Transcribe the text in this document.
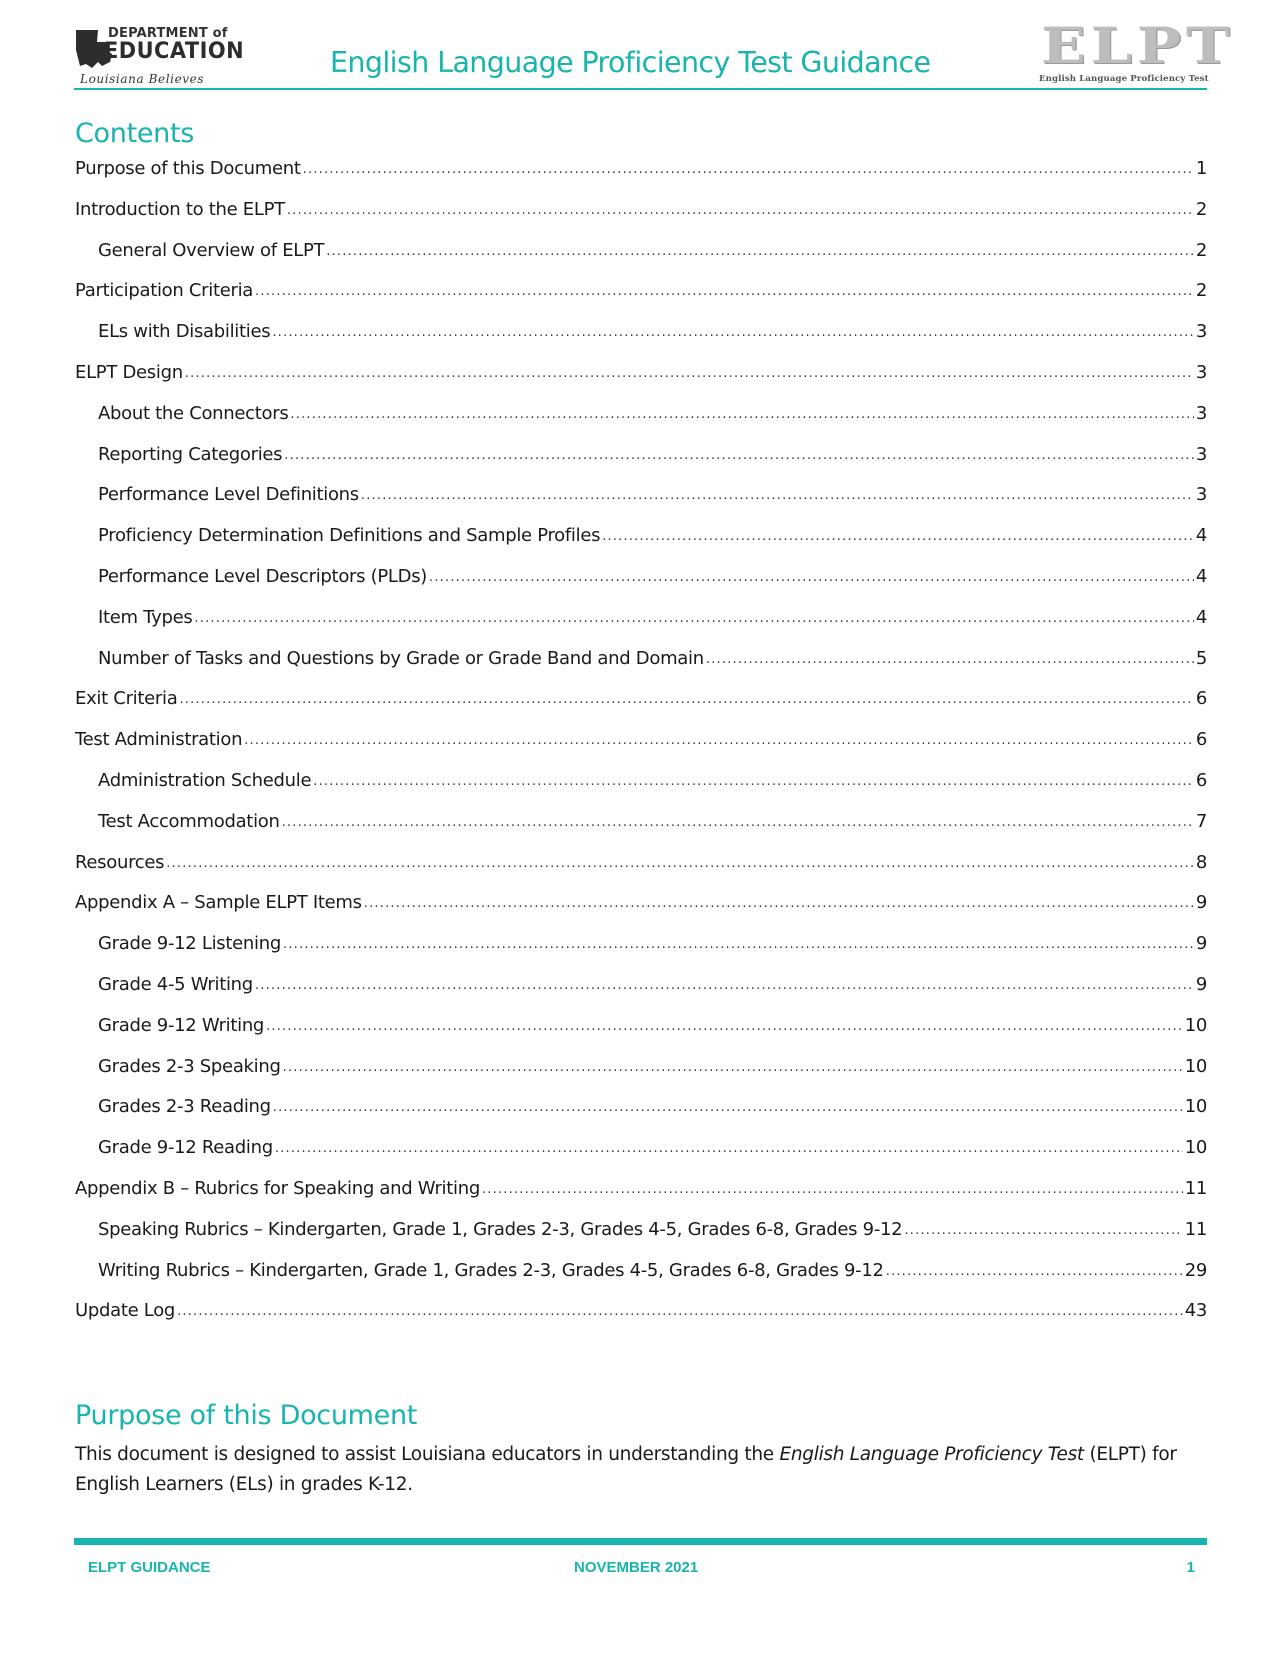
DEPARTMENT of
EDUCATION
Louisiana Believes	English Language Proficiency Test Guidance ELPT
English Language Proficiency Test
Contents
Purpose of this Document .....	1
Introduction to the ELPT .....	2
General Overview of ELPT .....	2
Participation Criteria .....	2
ELs with Disabilities .....	3
ELPT Design .....	3
About the Connectors .....	3
Reporting Categories .....	3
Performance Level Definitions .....	3
Proficiency Determination Definitions and Sample Profiles .....	4
Performance Level Descriptors (PLDs) .....	4
Item Types .....	4
Number of Tasks and Questions by Grade or Grade Band and Domain .....	5
Exit Criteria .....	6
Test Administration .....	6
Administration Schedule .....	6
Test Accommodation .....	7
Resources .....	8
Appendix A – Sample ELPT Items .....	9
Grade 9-12 Listening .....	9
Grade 4-5 Writing .....	9
Grade 9-12 Writing .....	10
Grades 2-3 Speaking .....	10
Grades 2-3 Reading .....	10
Grade 9-12 Reading .....	10
Appendix B – Rubrics for Speaking and Writing .....	11
Speaking Rubrics – Kindergarten, Grade 1, Grades 2-3, Grades 4-5, Grades 6-8, Grades 9-12 .....	11
Writing Rubrics – Kindergarten, Grade 1, Grades 2-3, Grades 4-5, Grades 6-8, Grades 9-12 .....	29
Update Log .....	43
Purpose of this Document

This document is designed to assist Louisiana educators in understanding the English Language Proficiency Test (ELPT) for English Learners (ELs) in grades K-12.

ELPT GUIDANCE	NOVEMBER 2021	1
